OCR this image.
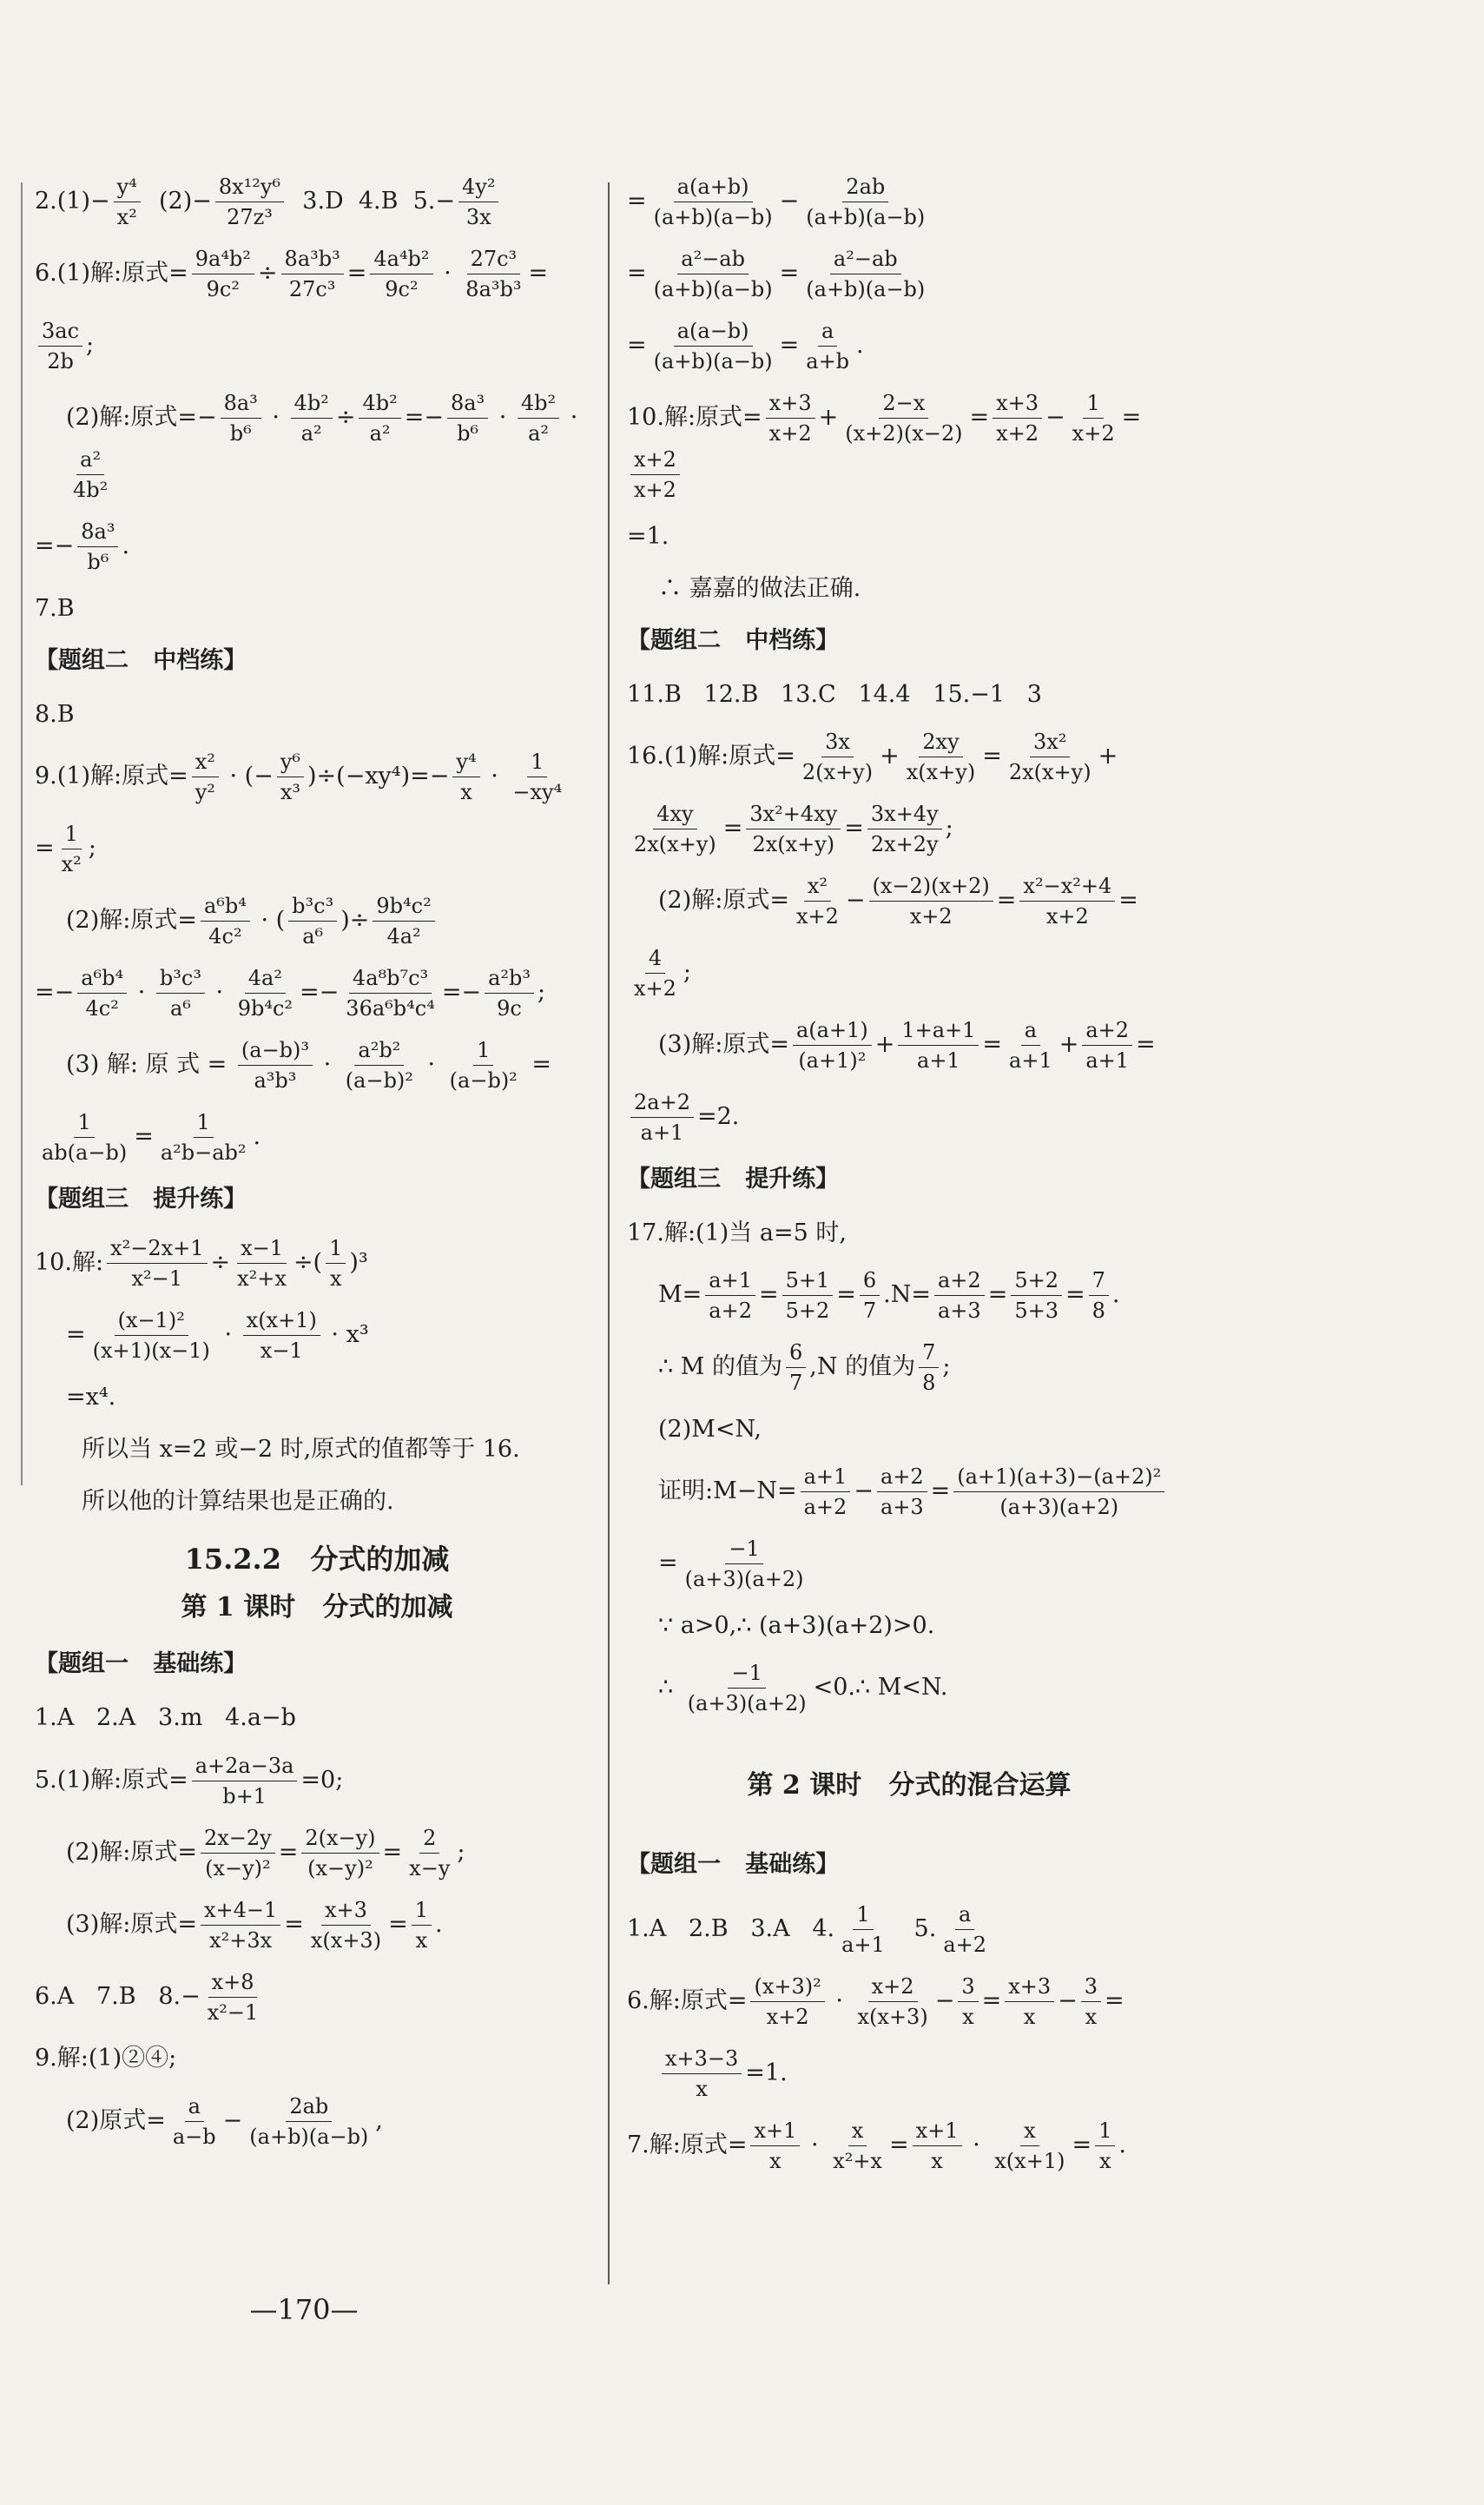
$2.(1)- \frac{\text{y⁴}}{\text{x²}} (2)- \frac{\text{8x¹²y⁶}}{\text{27z³}} 3.D$  4.B  $5.- \frac{\text{4y²}}{3x}$
6.(1)解:原式= $\frac{\text{9a⁴b²}}{\text{9c²}} \div \frac{\text{8a³b³}}{\text{27c³}} = \frac{\text{4a⁴b²}}{\text{9c²}} \cdot \frac{\text{27c³}}{\text{8a³b³}}$ =
$\frac{3ac}{2b}$ ;
(2)解:原式=− $\frac{\text{8a³}}{\text{b⁶}} \cdot \frac{\text{4b²}}{\text{a²}} \div \frac{\text{4b²}}{\text{a²}} =- \frac{\text{8a³}}{\text{b⁶}} \cdot \frac{\text{4b²}}{\text{a²}}$ ·
$\frac{\text{a²}}{\text{4b²}}$
=− $\frac{\text{8a³}}{\text{b⁶}}$ .
7.B
【题组二   中档练】
8.B
9.(1)解:原式= $\frac{\text{x²}}{\text{y²}}$ · (− $\frac{\text{y⁶}}{\text{x³}} )\div(-xy^4)=- \frac{\text{y⁴}}{x} \cdot \frac{1}{\text{−xy⁴}}$
= $\frac{1}{\text{x²}}$ ;
(2)解:原式= $\frac{\text{a⁶b⁴}}{\text{4c²}}$ · ( $\frac{\text{b³c³}}{\text{a⁶}}$ )÷ $\frac{\text{9b⁴c²}}{\text{4a²}}$
=− $\frac{\text{a⁶b⁴}}{\text{4c²}} \cdot \frac{\text{b³c³}}{\text{a⁶}} \cdot \frac{\text{4a²}}{\text{9b⁴c²}} =- \frac{\text{4a⁸b⁷c³}}{\text{36a⁶b⁴c⁴}} =- \frac{\text{a²b³}}{9c}$ ;
(3) 解: 原 式 = $\frac{\text{(a−b)³}}{\text{a³b³}} \cdot \frac{\text{a²b²}}{\text{(a−b)²}} \cdot \frac{1}{\text{(a−b)²}}$ =
$\frac{1}{ab(a-b)} = \frac{1}{\text{a²b−ab²}}$ .
【题组三   提升练】
10.解: $\frac{\text{x²−2x+1}}{\text{x²−1}} \div \frac{x-1}{\text{x²+x}}$ ÷( $\frac{1}{x} )^3$
= $\frac{\text{(x−1)²}}{(x+1)(x-1)} \cdot \frac{x(x+1)}{x-1} \cdot x^3$
=x⁴.
所以当 x=2 或−2 时,原式的值都等于 16.
所以他的计算结果也是正确的.
15.2.2   分式的加减
第 1 课时   分式的加减
【题组一   基础练】
1.A   2.A   3.m   4.a−b
5.(1)解:原式= $\frac{a+2a-3a}{b+1} =0$;
(2)解:原式= $\frac{2x-2y}{\text{(x−y)²}} = \frac{2(x-y)}{\text{(x−y)²}} = \frac{2}{x-y}$ ;
(3)解:原式= $\frac{x+4-1}{\text{x²+3x}} = \frac{x+3}{x(x+3)} = \frac{1}{x}$ .
6.A   7.B   $8.- \frac{x+8}{\text{x²−1}}$
9.解:(1)②④;
(2)原式= $\frac{a}{a-b} - \frac{2ab}{(a+b)(a-b)}$ ,
= $\frac{a(a+b)}{(a+b)(a-b)} - \frac{2ab}{(a+b)(a-b)}$
= $\frac{\text{a²−ab}}{(a+b)(a-b)} = \frac{\text{a²−ab}}{(a+b)(a-b)}$
= $\frac{a(a-b)}{(a+b)(a-b)} = \frac{a}{a+b}$ .
10.解:原式= $\frac{x+3}{x+2} + \frac{2-x}{(x+2)(x-2)} = \frac{x+3}{x+2} - \frac{1}{x+2}$ =
$\frac{x+2}{x+2}$
=1.
∴ 嘉嘉的做法正确.
【题组二   中档练】
11.B   12.B   13.C   14.4   15.−1   3
16.(1)解:原式= $\frac{3x}{2(x+y)} + \frac{2xy}{x(x+y)} = \frac{\text{3x²}}{2x(x+y)}$ +
$\frac{4xy}{2x(x+y)} = \frac{\text{3x²+4xy}}{2x(x+y)} = \frac{3x+4y}{2x+2y}$ ;
(2)解:原式= $\frac{\text{x²}}{x+2} - \frac{(x-2)(x+2)}{x+2} = \frac{\text{x²−x²+4}}{x+2}$ =
$\frac{4}{x+2}$ ;
(3)解:原式= $\frac{a(a+1)}{\text{(a+1)²}} + \frac{1+a+1}{a+1} = \frac{a}{a+1} + \frac{a+2}{a+1}$ =
$\frac{2a+2}{a+1} =2$.
【题组三   提升练】
17.解:(1)当 a=5 时,
$M= \frac{a+1}{a+2} = \frac{5+1}{5+2} = \frac{6}{7} .N= \frac{a+2}{a+3} = \frac{5+2}{5+3} = \frac{7}{8}$ .
∴ M 的值为 $\frac{6}{7} ,N$ 的值为 $\frac{7}{8}$ ;
(2)M<N,
证明:M−N= $\frac{a+1}{a+2} - \frac{a+2}{a+3} = \frac{\text{(a+1)(a+3)−(a+2)²}}{(a+3)(a+2)}$
= $\frac{-1}{(a+3)(a+2)}$
∵ a>0,∴ (a+3)(a+2)>0.
∴ $\frac{-1}{(a+3)(a+2)}$ <0.∴ M<N.
第 2 课时   分式的混合运算
【题组一   基础练】
1.A   2.B   3.A   4. $\frac{1}{a+1} 5$. $\frac{a}{a+2}$
6.解:原式= $\frac{\text{(x+3)²}}{x+2} \cdot \frac{x+2}{x(x+3)} - \frac{3}{x} = \frac{x+3}{x} - \frac{3}{x}$ =
$\frac{x+3-3}{x} =1$.
7.解:原式= $\frac{x+1}{x} \cdot \frac{x}{\text{x²+x}} = \frac{x+1}{x} \cdot \frac{x}{x(x+1)} = \frac{1}{x}$ .
—170—
